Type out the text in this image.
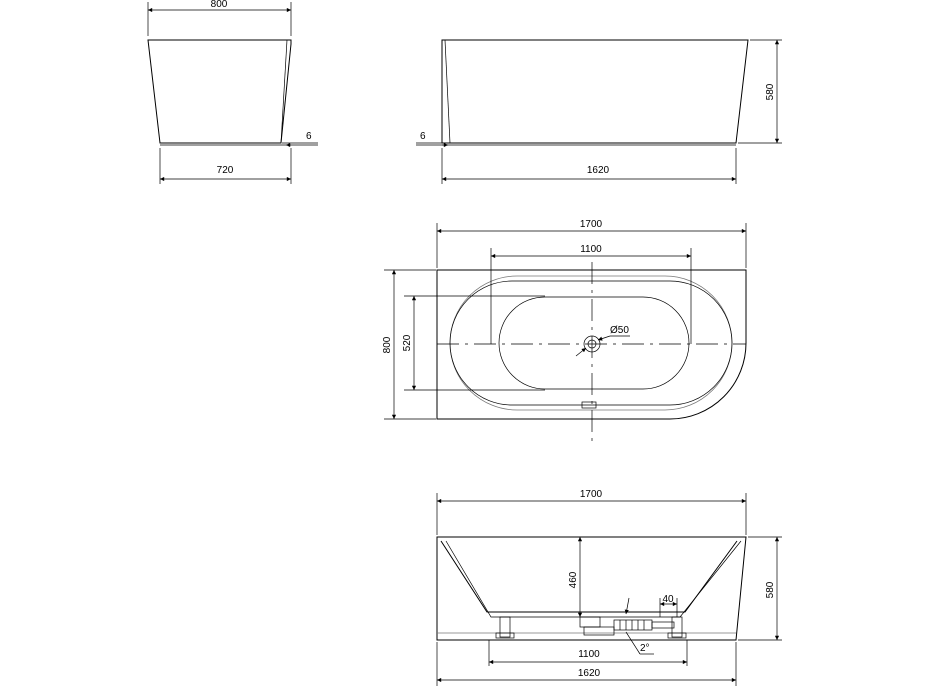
800
720
6
580
1620
6
1700
1100
800 520
Ø50
1700
460
40
2°
580
1100
1620
